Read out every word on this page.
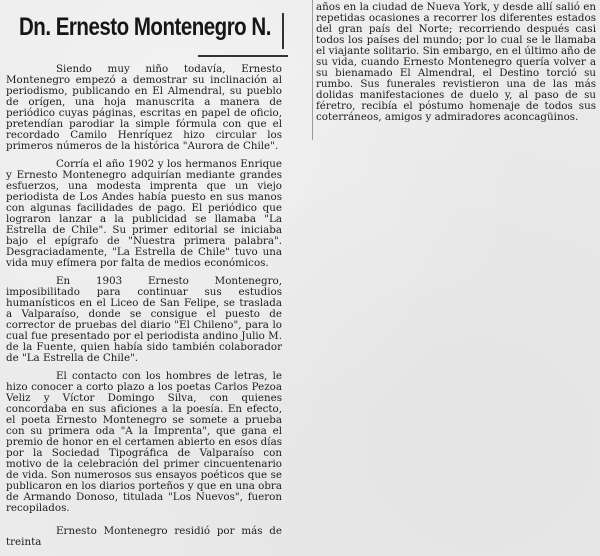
Dn. Ernesto Montenegro N.

Siendo muy niño todavía, Ernesto Montenegro empezó a demostrar su inclinación al periodismo, publicando en El Almendral, su pueblo de orígen, una hoja manuscrita a manera de periódico cuyas páginas, escritas en papel de oficio, pretendían parodiar la simple fórmula con que el recordado Camilo Henríquez hizo circular los primeros números de la histórica "Aurora de Chile".

Corría el año 1902 y los hermanos Enrique y Ernesto Montenegro adquirían mediante grandes esfuerzos, una modesta imprenta que un viejo periodista de Los Andes había puesto en sus manos con algunas facilidades de pago. El periódico que lograron lanzar a la publicidad se llamaba "La Estrella de Chile". Su primer editorial se iniciaba bajo el epígrafo de "Nuestra primera palabra". Desgraciadamente, "La Estrella de Chile" tuvo una vida muy efímera por falta de medios económicos.

En 1903 Ernesto Montenegro, imposibilitado para continuar sus estudios humanísticos en el Liceo de San Felipe, se traslada a Valparaíso, donde se consigue el puesto de corrector de pruebas del diario "El Chileno", para lo cual fue presentado por el periodista andino Julio M. de la Fuente, quien había sido también colaborador de "La Estrella de Chile".

El contacto con los hombres de letras, le hizo conocer a corto plazo a los poetas Carlos Pezoa Veliz y Víctor Domingo Silva, con quienes concordaba en sus aficiones a la poesía. En efecto, el poeta Ernesto Montenegro se somete a prueba con su primera oda "A la Imprenta", que gana el premio de honor en el certamen abierto en esos días por la Sociedad Tipográfica de Valparaíso con motivo de la celebración del primer cincuentenario de vida. Son numerosos sus ensayos poéticos que se publicaron en los diarios porteños y que en una obra de Armando Donoso, titulada "Los Nuevos", fueron recopilados.

Ernesto Montenegro residió por más de treinta

años en la ciudad de Nueva York, y desde allí salió en repetidas ocasiones a recorrer los diferentes estados del gran país del Norte; recorriendo después casi todos los países del mundo; por lo cual se le llamaba el viajante solitario. Sin embargo, en el último año de su vida, cuando Ernesto Montenegro quería volver a su bienamado El Almendral, el Destino torció su rumbo. Sus funerales revistieron una de las más dolidas manifestaciones de duelo y, al paso de su féretro, recibía el póstumo homenaje de todos sus coterráneos, amigos y admiradores aconcagüinos.
